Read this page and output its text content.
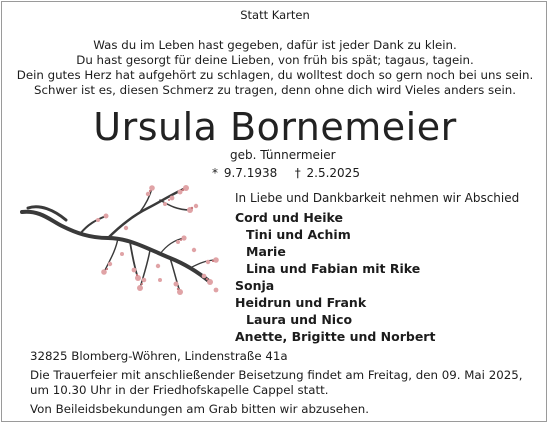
Statt Karten
Was du im Leben hast gegeben, dafür ist jeder Dank zu klein.
Du hast gesorgt für deine Lieben, von früh bis spät; tagaus, tagein.
Dein gutes Herz hat aufgehört zu schlagen, du wolltest doch so gern noch bei uns sein.
Schwer ist es, diesen Schmerz zu tragen, denn ohne dich wird Vieles anders sein.
Ursula Bornemeier
geb. Tünnermeier
* 9.7.1938   † 2.5.2025
In Liebe und Dankbarkeit nehmen wir Abschied
Cord und Heike
Tini und Achim
Marie
Lina und Fabian mit Rike
Sonja
Heidrun und Frank
Laura und Nico
Anette, Brigitte und Norbert
32825 Blomberg-Wöhren, Lindenstraße 41a
Die Trauerfeier mit anschließender Beisetzung findet am Freitag, den 09. Mai 2025,
um 10.30 Uhr in der Friedhofskapelle Cappel statt.
Von Beileidsbekundungen am Grab bitten wir abzusehen.
